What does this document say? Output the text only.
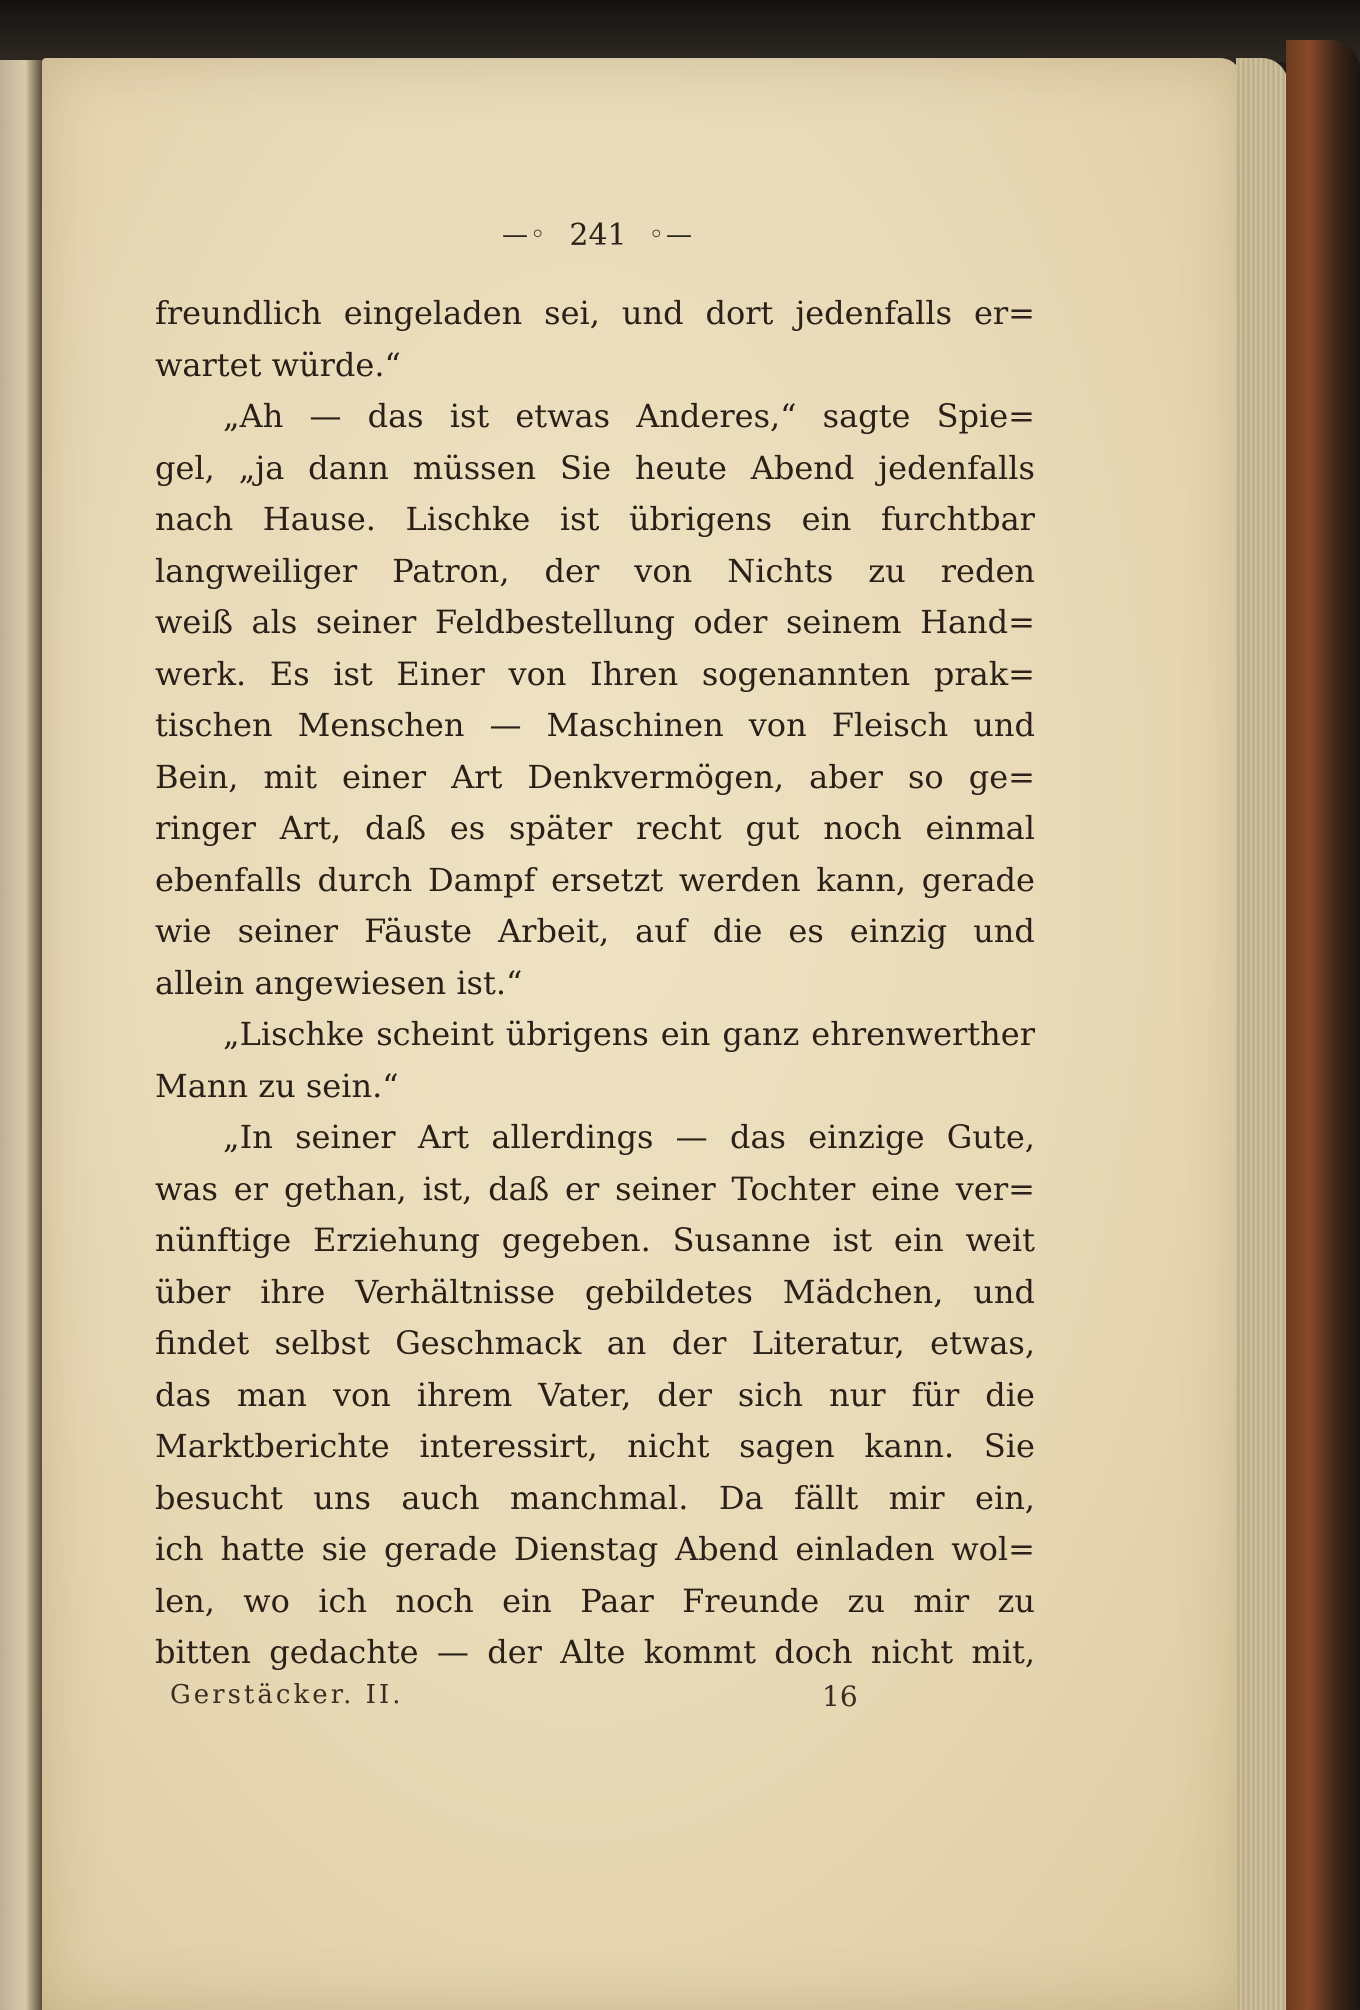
—◦ 241 ◦—
freundlich eingeladen sei, und dort jedenfalls er=
wartet würde.“
„Ah — das ist etwas Anderes,“ sagte Spie=
gel, „ja dann müssen Sie heute Abend jedenfalls
nach Hause. Lischke ist übrigens ein furchtbar
langweiliger Patron, der von Nichts zu reden
weiß als seiner Feldbestellung oder seinem Hand=
werk. Es ist Einer von Ihren sogenannten prak=
tischen Menschen — Maschinen von Fleisch und
Bein, mit einer Art Denkvermögen, aber so ge=
ringer Art, daß es später recht gut noch einmal
ebenfalls durch Dampf ersetzt werden kann, gerade
wie seiner Fäuste Arbeit, auf die es einzig und
allein angewiesen ist.“
„Lischke scheint übrigens ein ganz ehrenwerther
Mann zu sein.“
„In seiner Art allerdings — das einzige Gute,
was er gethan, ist, daß er seiner Tochter eine ver=
nünftige Erziehung gegeben. Susanne ist ein weit
über ihre Verhältnisse gebildetes Mädchen, und
findet selbst Geschmack an der Literatur, etwas,
das man von ihrem Vater, der sich nur für die
Marktberichte interessirt, nicht sagen kann. Sie
besucht uns auch manchmal. Da fällt mir ein,
ich hatte sie gerade Dienstag Abend einladen wol=
len, wo ich noch ein Paar Freunde zu mir zu
bitten gedachte — der Alte kommt doch nicht mit,
Gerstäcker. II.	16
